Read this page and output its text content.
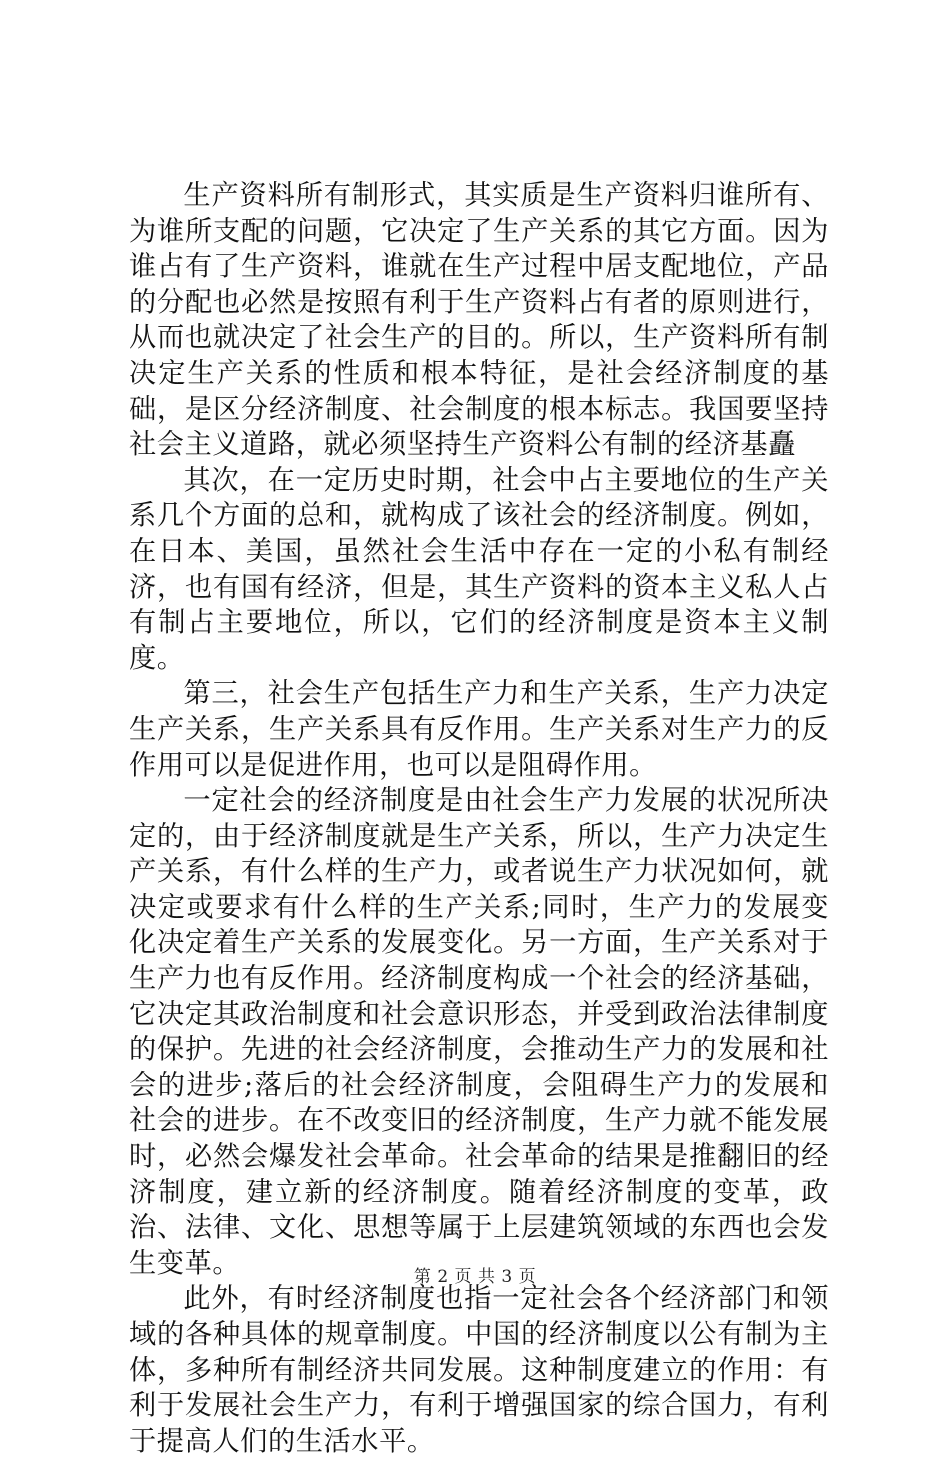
生产资料所有制形式，其实质是生产资料归谁所有、为谁所支配的问题，它决定了生产关系的其它方面。因为谁占有了生产资料，谁就在生产过程中居支配地位，产品的分配也必然是按照有利于生产资料占有者的原则进行，从而也就决定了社会生产的目的。所以，生产资料所有制决定生产关系的性质和根本特征，是社会经济制度的基础，是区分经济制度、社会制度的根本标志。我国要坚持社会主义道路，就必须坚持生产资料公有制的经济基矗

其次，在一定历史时期，社会中占主要地位的生产关系几个方面的总和，就构成了该社会的经济制度。例如，在日本、美国，虽然社会生活中存在一定的小私有制经济，也有国有经济，但是，其生产资料的资本主义私人占有制占主要地位，所以，它们的经济制度是资本主义制度。

第三，社会生产包括生产力和生产关系，生产力决定生产关系，生产关系具有反作用。生产关系对生产力的反作用可以是促进作用，也可以是阻碍作用。

一定社会的经济制度是由社会生产力发展的状况所决定的，由于经济制度就是生产关系，所以，生产力决定生产关系，有什么样的生产力，或者说生产力状况如何，就决定或要求有什么样的生产关系;同时，生产力的发展变化决定着生产关系的发展变化。另一方面，生产关系对于生产力也有反作用。经济制度构成一个社会的经济基础，它决定其政治制度和社会意识形态，并受到政治法律制度的保护。先进的社会经济制度，会推动生产力的发展和社会的进步;落后的社会经济制度，会阻碍生产力的发展和社会的进步。在不改变旧的经济制度，生产力就不能发展时，必然会爆发社会革命。社会革命的结果是推翻旧的经济制度，建立新的经济制度。随着经济制度的变革，政治、法律、文化、思想等属于上层建筑领域的东西也会发生变革。

此外，有时经济制度也指一定社会各个经济部门和领域的各种具体的规章制度。中国的经济制度以公有制为主体，多种所有制经济共同发展。这种制度建立的作用：有利于发展社会生产力，有利于增强国家的综合国力，有利于提高人们的生活水平。

第 2 页 共 3 页
